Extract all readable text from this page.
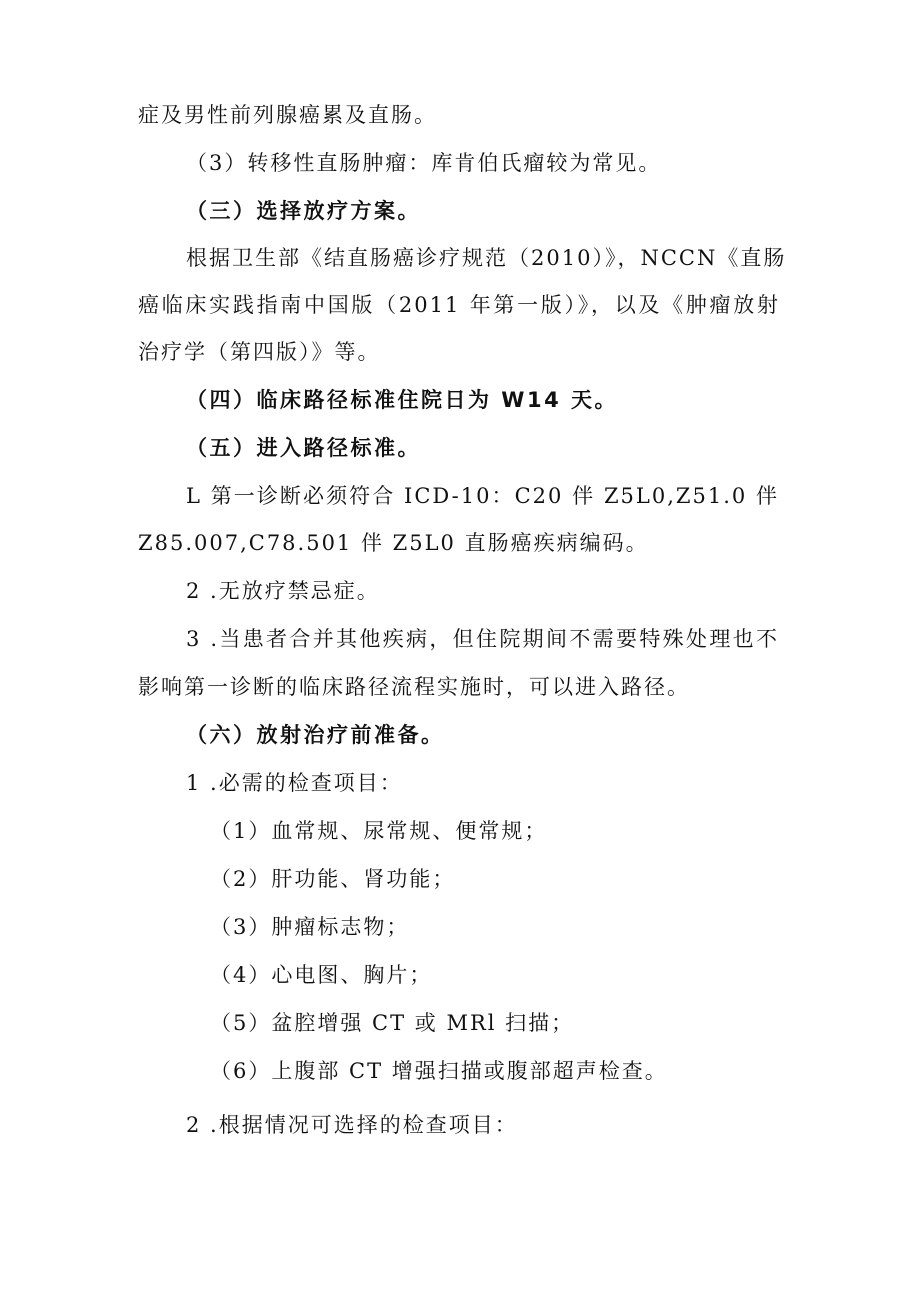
症及男性前列腺癌累及直肠。
（3）转移性直肠肿瘤：库肯伯氏瘤较为常见。
（三）选择放疗方案。
根据卫生部《结直肠癌诊疗规范（2010）》，NCCN《直肠
癌临床实践指南中国版（2011 年第一版）》，以及《肿瘤放射
治疗学（第四版）》等。
（四）临床路径标准住院日为 W14 天。
（五）进入路径标准。
L 第一诊断必须符合 ICD-10：C20 伴 Z5L0,Z51.0 伴
Z85.007,C78.501 伴 Z5L0 直肠癌疾病编码。
2 .无放疗禁忌症。
3 .当患者合并其他疾病，但住院期间不需要特殊处理也不
影响第一诊断的临床路径流程实施时，可以进入路径。
（六）放射治疗前准备。
1 .必需的检查项目：
（1）血常规、尿常规、便常规；
（2）肝功能、肾功能；
（3）肿瘤标志物；
（4）心电图、胸片；
（5）盆腔增强 CT 或 MRl 扫描；
（6）上腹部 CT 增强扫描或腹部超声检查。
2 .根据情况可选择的检查项目：
